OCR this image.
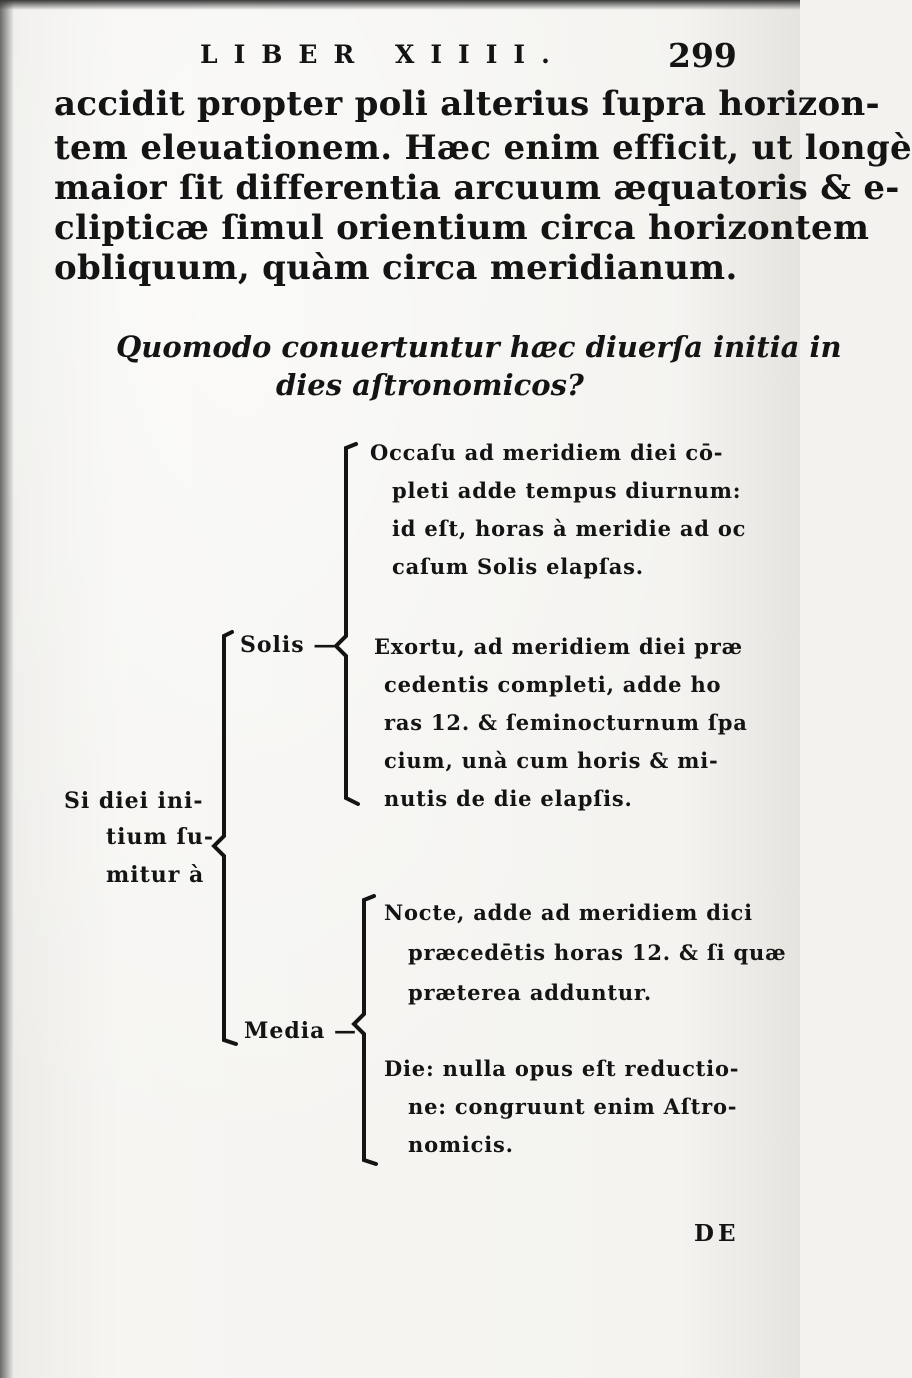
LIBER XIIII.	299
accidit propter poli alterius ſupra horizon-
tem eleuationem. Hæc enim efficit, ut longè
maior ſit differentia arcuum æquatoris & e-
clipticæ ſimul orientium circa horizontem
obliquum, quàm circa meridianum.
Quomodo conuertuntur hæc diuerſa initia in
dies aſtronomicos?
Si diei ini-
tium ſu-
mitur à
Solis —
Media —
Occaſu ad meridiem diei cō-
pleti adde tempus diurnum:
id eſt, horas à meridie ad oc
caſum Solis elapſas.
Exortu, ad meridiem diei præ
cedentis completi, adde ho
ras 12. & ſeminocturnum ſpa
cium, unà cum horis & mi-
nutis de die elapſis.
Nocte, adde ad meridiem dici
præcedētis horas 12. & ſi quæ
præterea adduntur.
Die: nulla opus eſt reductio-
ne: congruunt enim Aſtro-
nomicis.
DE
